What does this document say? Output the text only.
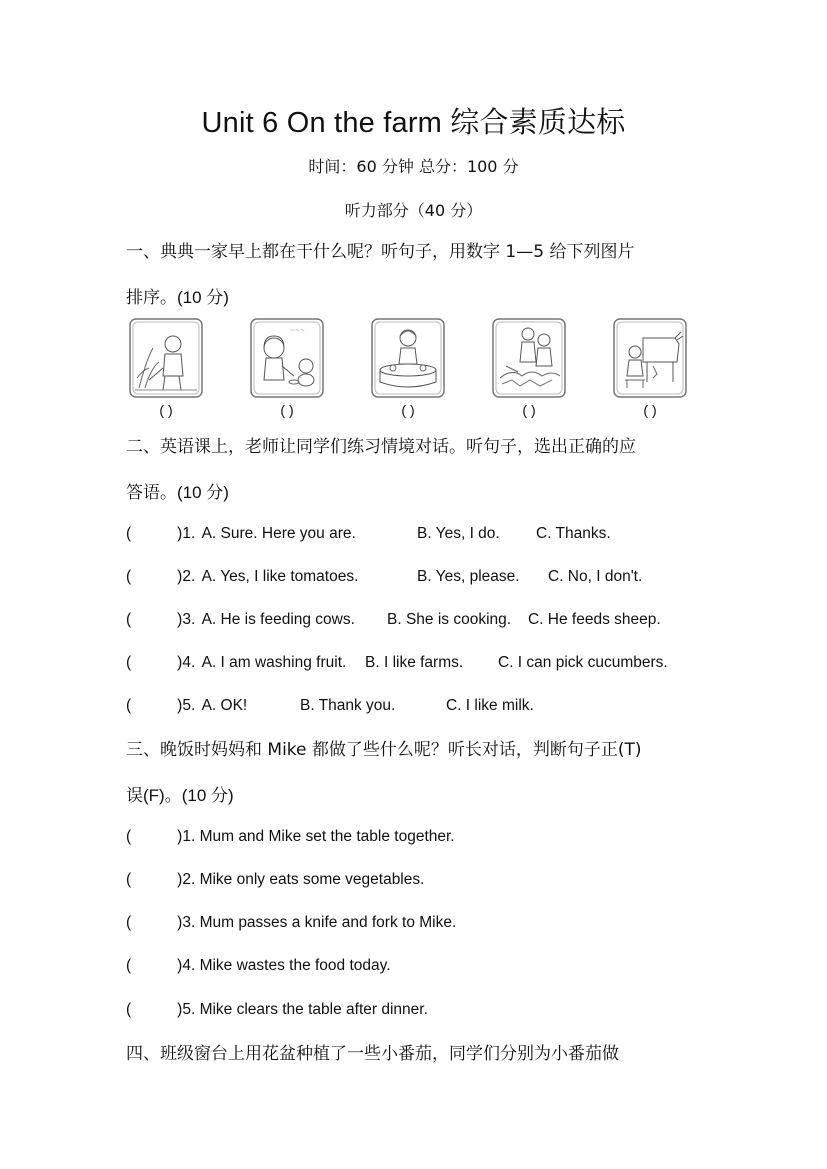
Unit 6 On the farm 综合素质达标
时间：60 分钟 总分：100 分
听力部分（40 分）

一、典典一家早上都在干什么呢？听句子，用数字 1—5 给下列图片

排序。(10 分)

( )
~~~
( )	( )	( )	( )

二、英语课上，老师让同学们练习情境对话。听句子，选出正确的应

答语。(10 分)

(	)1. A. Sure. Here you are.	B. Yes, I do. C. Thanks.
(	)2. A. Yes, I like tomatoes.	B. Yes, please. C. No, I don't.
(	)3. A. He is feeding cows. B. She is cooking. C. He feeds sheep.
(	)4. A. I am washing fruit. B. I like farms. C. I can pick cucumbers.
(	)5. A. OK!	B. Thank you.	C. I like milk.

三、晚饭时妈妈和 Mike 都做了些什么呢？听长对话，判断句子正(T)

误(F)。(10 分)

(	)1. Mum and Mike set the table together.
(	)2. Mike only eats some vegetables.
(	)3. Mum passes a knife and fork to Mike.
(	)4. Mike wastes the food today.
(	)5. Mike clears the table after dinner.

四、班级窗台上用花盆种植了一些小番茄，同学们分别为小番茄做
